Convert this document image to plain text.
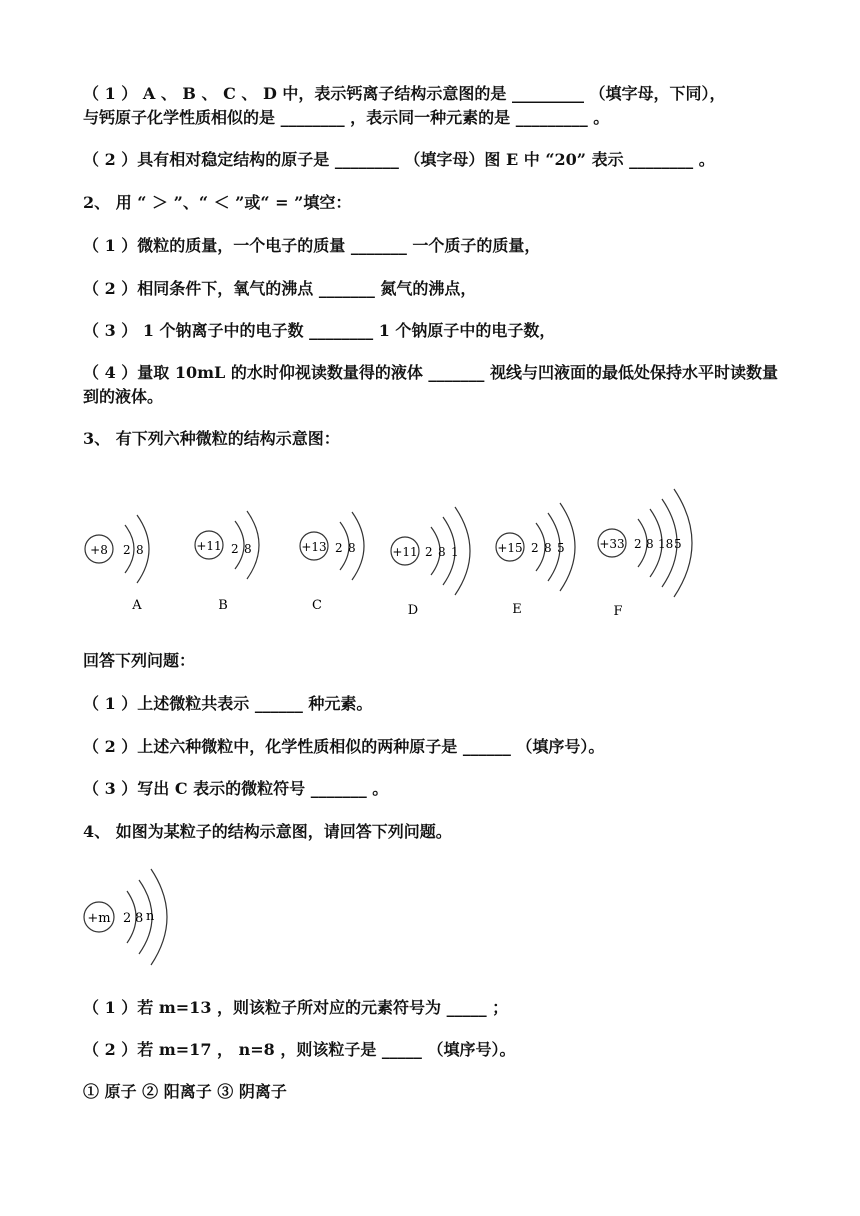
（ 1 ） A 、 B 、 C 、 D 中，表示钙离子结构示意图的是 _________ （填字母，下同），
与钙原子化学性质相似的是 ________ ，表示同一种元素的是 _________ 。
（ 2 ）具有相对稳定结构的原子是 ________ （填字母）图 E 中 “20” 表示 ________ 。
2、 用 “ ＞ ”、“ ＜ ”或“ = ”填空：
（ 1 ）微粒的质量，一个电子的质量 _______ 一个质子的质量，
（ 2 ）相同条件下，氧气的沸点 _______ 氮气的沸点，
（ 3 ） 1 个钠离子中的电子数 ________ 1 个钠原子中的电子数，
（ 4 ）量取 10mL 的水时仰视读数量得的液体 _______ 视线与凹液面的最低处保持水平时读数量到的液体。
3、 有下列六种微粒的结构示意图：
+8 2 8
A
+11 2 8
B
+13 2 8
C
+11 2 8 1
D
+15 2 8 5
E
+33 2 8 18 5
F
回答下列问题：
（ 1 ）上述微粒共表示 ______ 种元素。
（ 2 ）上述六种微粒中，化学性质相似的两种原子是 ______ （填序号）。
（ 3 ）写出 C 表示的微粒符号 _______ 。
4、 如图为某粒子的结构示意图，请回答下列问题。
+m 2 8 n
（ 1 ）若 m=13 ，则该粒子所对应的元素符号为 _____ ；
（ 2 ）若 m=17 ， n=8 ，则该粒子是 _____ （填序号）。
① 原子 ② 阳离子 ③ 阴离子
